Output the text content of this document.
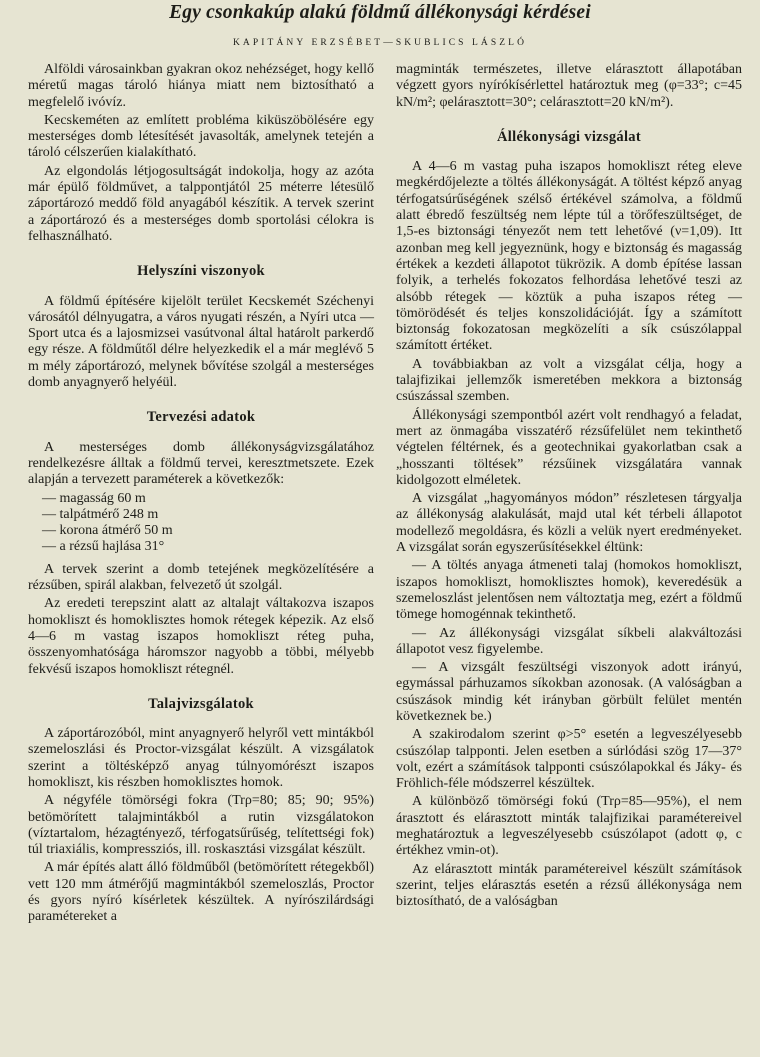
Egy csonkakúp alakú földmű állékonysági kérdései
KAPITÁNY ERZSÉBET—SKUBLICS LÁSZLÓ

Alföldi városainkban gyakran okoz nehézséget, hogy kellő méretű magas tároló hiánya miatt nem biztosítható a megfelelő ivóvíz.

Kecskeméten az említett probléma kiküszöbölésére egy mesterséges domb létesítését javasolták, amelynek tetején a tároló célszerűen kialakítható.

Az elgondolás létjogosultságát indokolja, hogy az azóta már épülő földművet, a talppontjától 25 méterre létesülő záportározó meddő föld anyagából készítik. A tervek szerint a záportározó és a mesterséges domb sportolási célokra is felhasználható.

Helyszíni viszonyok

A földmű építésére kijelölt terület Kecskemét Széchenyi városától délnyugatra, a város nyugati részén, a Nyíri utca — Sport utca és a lajosmizsei vasútvonal által határolt parkerdő egy része. A földműtől délre helyezkedik el a már meglévő 5 m mély záportározó, melynek bővítése szolgál a mesterséges domb anyagnyerő helyéül.

Tervezési adatok

A mesterséges domb állékonyságvizsgálatához rendelkezésre álltak a földmű tervei, keresztmetszete. Ezek alapján a tervezett paraméterek a következők:

— magasság 60 m
— talpátmérő 248 m
— korona átmérő 50 m
— a rézsű hajlása 31°

A tervek szerint a domb tetejének megközelítésére a rézsűben, spirál alakban, felvezető út szolgál.

Az eredeti terepszint alatt az altalajt váltakozva iszapos homokliszt és homoklisztes homok rétegek képezik. Az első 4—6 m vastag iszapos homokliszt réteg puha, összenyomhatósága háromszor nagyobb a többi, mélyebb fekvésű iszapos homokliszt rétegnél.

Talajvizsgálatok

A záportározóból, mint anyagnyerő helyről vett mintákból szemeloszlási és Proctor-vizsgálat készült. A vizsgálatok szerint a töltésképző anyag túlnyomórészt iszapos homokliszt, kis részben homoklisztes homok.

A négyféle tömörségi fokra (Trρ=80; 85; 90; 95%) betömörített talajmintákból a rutin vizsgálatokon (víztartalom, hézagtényező, térfogatsűrűség, telítettségi fok) túl triaxiális, kompressziós, ill. roskasztási vizsgálat készült.

A már építés alatt álló földműből (betömörített rétegekből) vett 120 mm átmérőjű magmintákból szemeloszlás, Proctor és gyors nyíró kísérletek készültek. A nyírószilárdsági paramétereket a

magminták természetes, illetve elárasztott állapotában végzett gyors nyírókísérlettel határoztuk meg (φ=33°; c=45 kN/m²; φelárasztott=30°; celárasztott=20 kN/m²).

Állékonysági vizsgálat

A 4—6 m vastag puha iszapos homokliszt réteg eleve megkérdőjelezte a töltés állékonyságát. A töltést képző anyag térfogatsúrűségének szélső értékével számolva, a földmű alatt ébredő feszültség nem lépte túl a törőfeszültséget, de 1,5-es biztonsági tényezőt nem tett lehetővé (ν=1,09). Itt azonban meg kell jegyeznünk, hogy e biztonság és magasság értékek a kezdeti állapotot tükrözik. A domb építése lassan folyik, a terhelés fokozatos felhordása lehetővé teszi az alsóbb rétegek — köztük a puha iszapos réteg — tömörödését és teljes konszolidációját. Így a számított biztonság fokozatosan megközelíti a sík csúszólappal számított értéket.

A továbbiakban az volt a vizsgálat célja, hogy a talajfizikai jellemzők ismeretében mekkora a biztonság csúszással szemben.

Állékonysági szempontból azért volt rendhagyó a feladat, mert az önmagába visszatérő rézsűfelület nem tekinthető végtelen féltérnek, és a geotechnikai gyakorlatban csak a „hosszanti töltések” rézsűinek vizsgálatára vannak kidolgozott elméletek.

A vizsgálat „hagyományos módon” részletesen tárgyalja az állékonyság alakulását, majd utal két térbeli állapotot modellező megoldásra, és közli a velük nyert eredményeket. A vizsgálat során egyszerűsítésekkel éltünk:

— A töltés anyaga átmeneti talaj (homokos homokliszt, iszapos homokliszt, homoklisztes homok), keveredésük a szemeloszlást jelentősen nem változtatja meg, ezért a földmű tömege homogénnak tekinthető.

— Az állékonysági vizsgálat síkbeli alakváltozási állapotot vesz figyelembe.

— A vizsgált feszültségi viszonyok adott irányú, egymással párhuzamos síkokban azonosak. (A valóságban a csúszások mindig két irányban görbült felület mentén következnek be.)

A szakirodalom szerint φ>5° esetén a legveszélyesebb csúszólap talpponti. Jelen esetben a súrlódási szög 17—37° volt, ezért a számítások talpponti csúszólapokkal és Jáky- és Fröhlich-féle módszerrel készültek.

A különböző tömörségi fokú (Trρ=85—95%), el nem árasztott és elárasztott minták talajfizikai paramétereivel meghatároztuk a legveszélyesebb csúszólapot (adott φ, c értékhez νmin-ot).

Az elárasztott minták paramétereivel készült számítások szerint, teljes elárasztás esetén a rézsű állékonysága nem biztosítható, de a valóságban
